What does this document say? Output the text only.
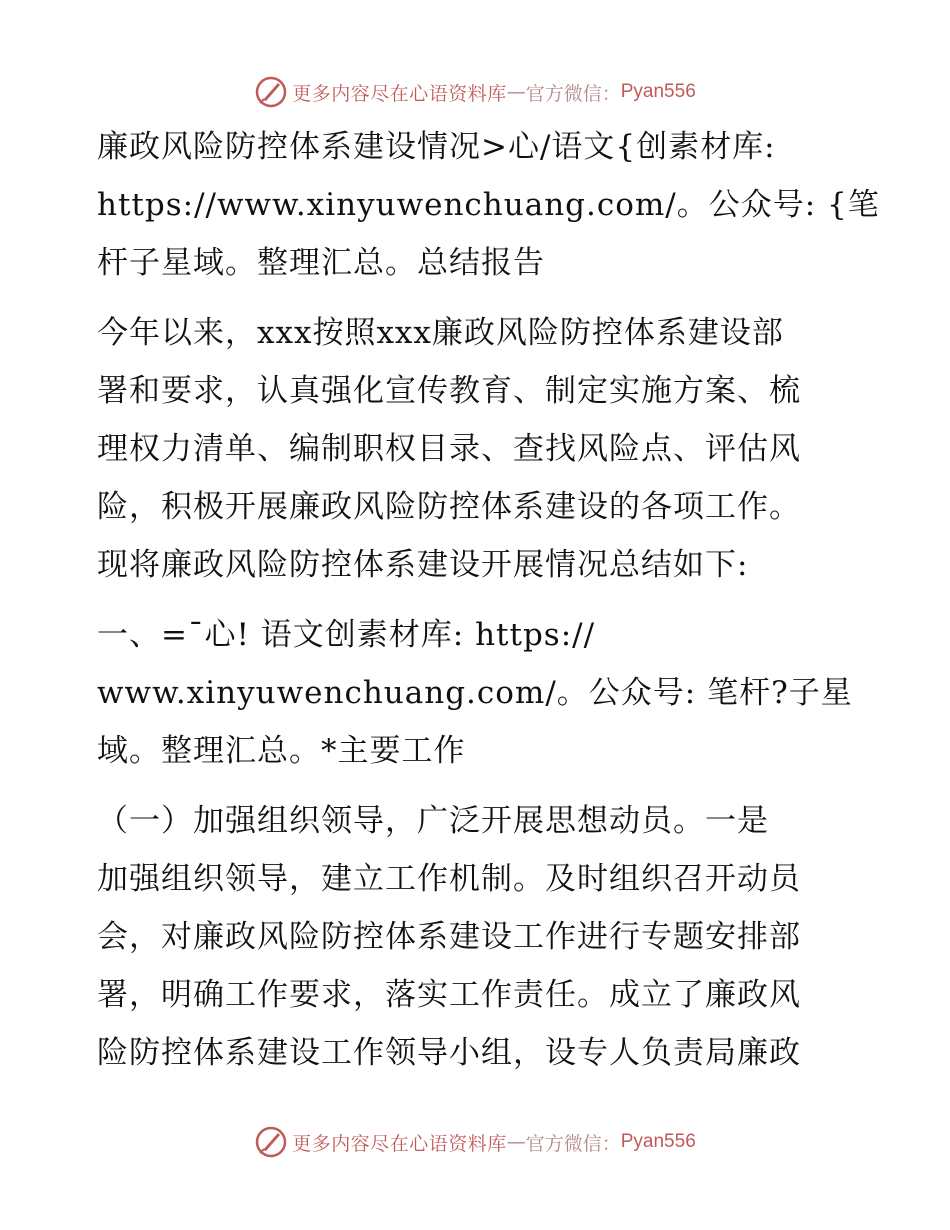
更多内容尽在心语资料库 — 官方微信： Pyan556

廉政风险防控体系建设情况>心/语文{创素材库:
https://www.xinyuwenchuang.com/。公众号: {笔
杆子星域。整理汇总。总结报告

今年以来，xxx按照xxx廉政风险防控体系建设部
署和要求，认真强化宣传教育、制定实施方案、梳
理权力清单、编制职权目录、查找风险点、评估风
险，积极开展廉政风险防控体系建设的各项工作。
现将廉政风险防控体系建设开展情况总结如下:

一、=¯心! 语文创素材库: https://
www.xinyuwenchuang.com/。公众号: 笔杆?子星
域。整理汇总。*主要工作

（一）加强组织领导，广泛开展思想动员。一是
加强组织领导，建立工作机制。及时组织召开动员
会，对廉政风险防控体系建设工作进行专题安排部
署，明确工作要求，落实工作责任。成立了廉政风
险防控体系建设工作领导小组，设专人负责局廉政

更多内容尽在心语资料库 — 官方微信： Pyan556
